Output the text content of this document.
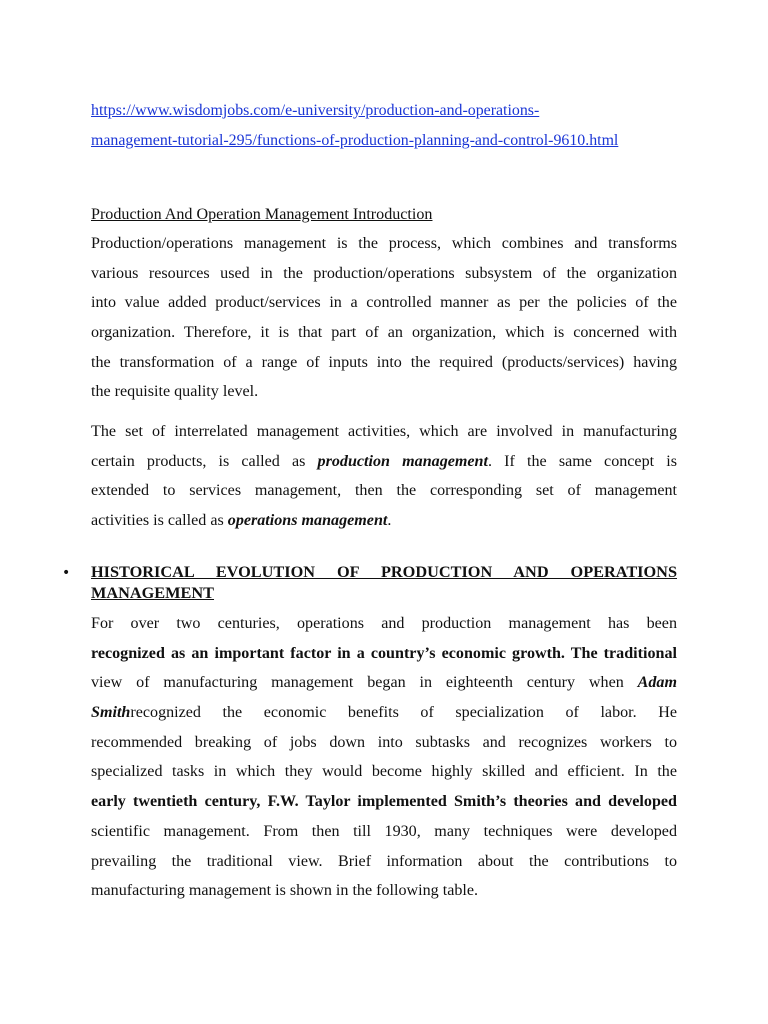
https://www.wisdomjobs.com/e-university/production-and-operations-
management-tutorial-295/functions-of-production-planning-and-control-9610.html
Production And Operation Management Introduction
Production/operations management is the process, which combines and transforms
various resources used in the production/operations subsystem of the organization
into value added product/services in a controlled manner as per the policies of the
organization. Therefore, it is that part of an organization, which is concerned with
the transformation of a range of inputs into the required (products/services) having
the requisite quality level.
The set of interrelated management activities, which are involved in manufacturing
certain products, is called as production management. If the same concept is
extended to services management, then the corresponding set of management
activities is called as operations management.
• HISTORICAL EVOLUTION OF PRODUCTION AND OPERATIONS
MANAGEMENT
For over two centuries, operations and production management has been
recognized as an important factor in a country’s economic growth. The traditional
view of manufacturing management began in eighteenth century when Adam
Smithrecognized the economic benefits of specialization of labor. He
recommended breaking of jobs down into subtasks and recognizes workers to
specialized tasks in which they would become highly skilled and efficient. In the
early twentieth century, F.W. Taylor implemented Smith’s theories and developed
scientific management. From then till 1930, many techniques were developed
prevailing the traditional view. Brief information about the contributions to
manufacturing management is shown in the following table.
